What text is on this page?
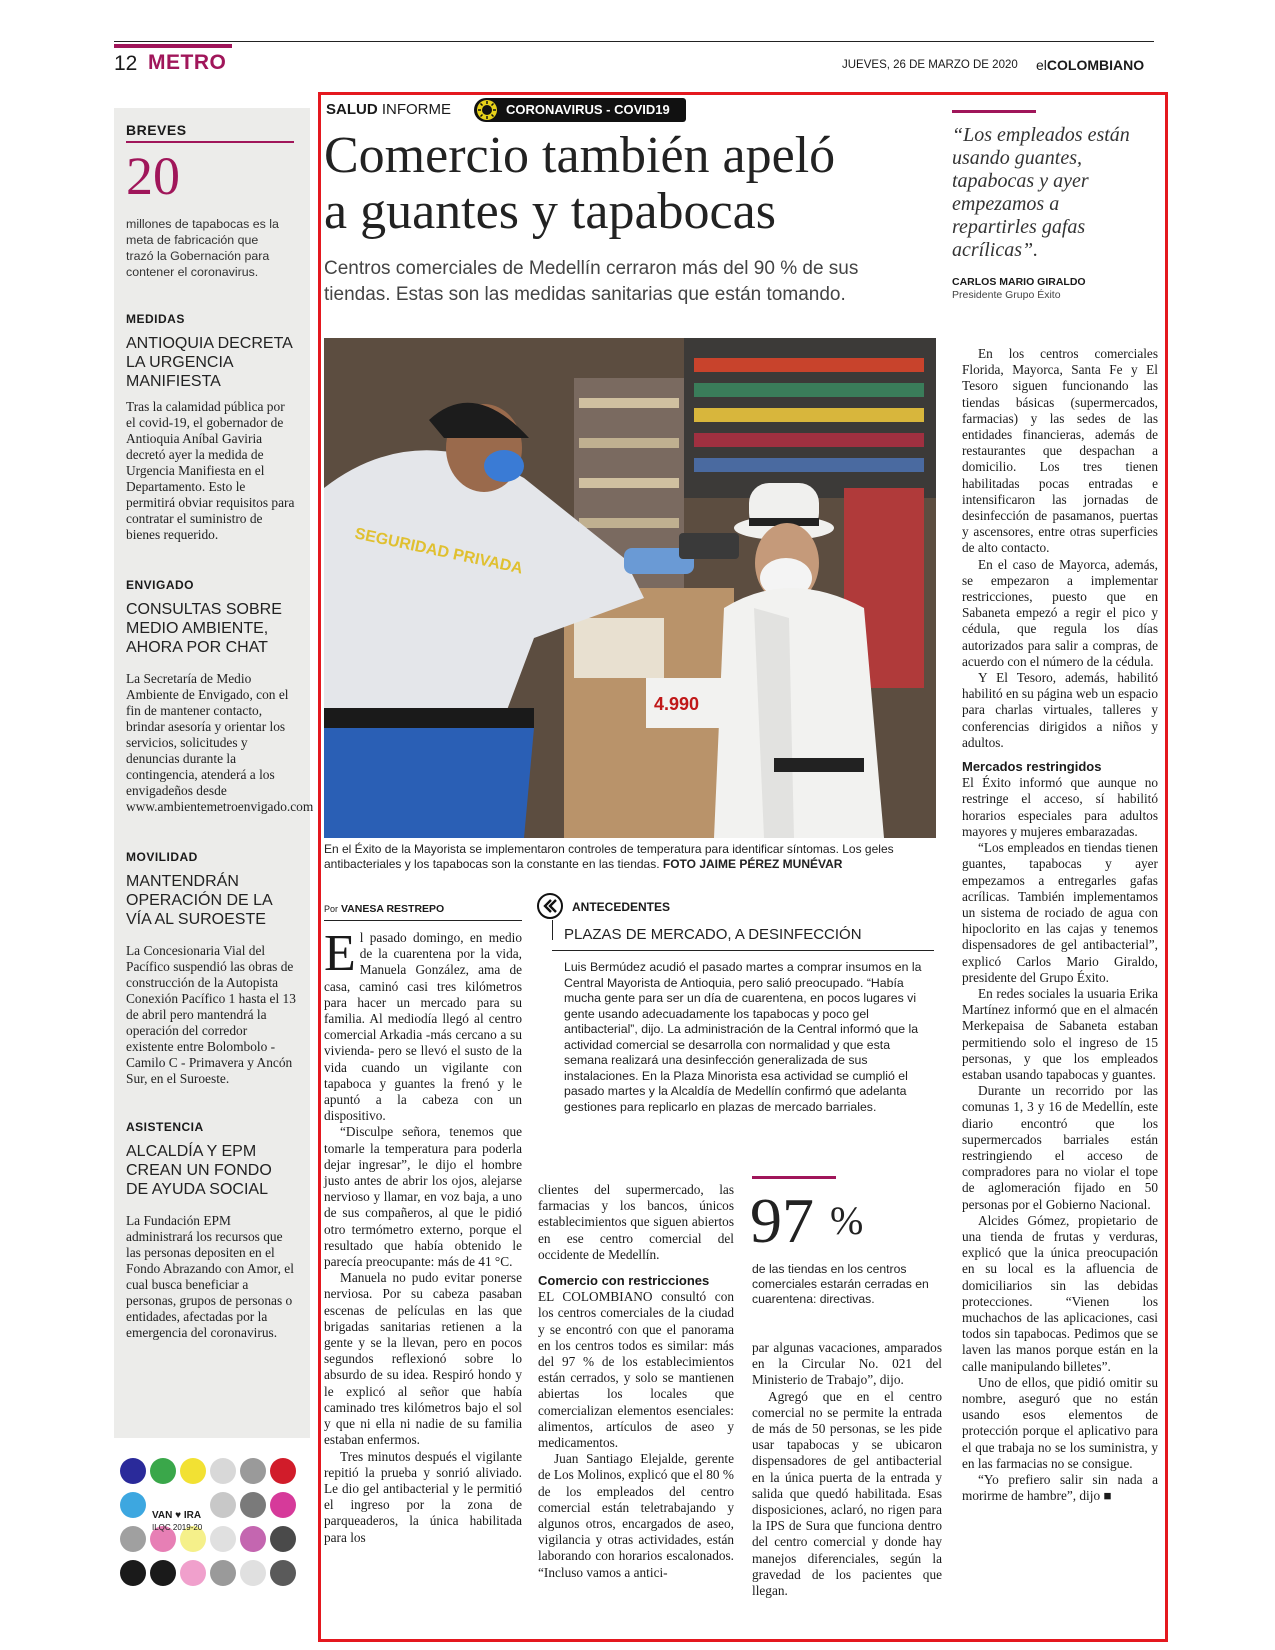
12 METRO	JUEVES, 26 DE MARZO DE 2020 elCOLOMBIANO
BREVES
20
millones de tapabocas es la meta de fabricación que trazó la Gobernación para contener el coronavirus.
MEDIDAS
ANTIOQUIA DECRETA LA URGENCIA MANIFIESTA
Tras la calamidad pública por el covid-19, el gobernador de Antioquia Aníbal Gaviria decretó ayer la medida de Urgencia Manifiesta en el Departamento. Esto le permitirá obviar requisitos para contratar el suministro de bienes requerido.
ENVIGADO
CONSULTAS SOBRE MEDIO AMBIENTE, AHORA POR CHAT
La Secretaría de Medio Ambiente de Envigado, con el fin de mantener contacto, brindar asesoría y orientar los servicios, solicitudes y denuncias durante la contingencia, atenderá a los envigadeños desde www.ambientemetroenvigado.com
MOVILIDAD
MANTENDRÁN OPERACIÓN DE LA VÍA AL SUROESTE
La Concesionaria Vial del Pacífico suspendió las obras de construcción de la Autopista Conexión Pacífico 1 hasta el 13 de abril pero mantendrá la operación del corredor existente entre Bolombolo - Camilo C - Primavera y Ancón Sur, en el Suroeste.
ASISTENCIA
ALCALDÍA Y EPM CREAN UN FONDO DE AYUDA SOCIAL
La Fundación EPM administrará los recursos que las personas depositen en el Fondo Abrazando con Amor, el cual busca beneficiar a personas, grupos de personas o entidades, afectadas por la emergencia del coronavirus.
VAN ♥ IRA
ILQC 2019-20
SALUD INFORME	CORONAVIRUS - COVID19
Comercio también apeló
a guantes y tapabocas
Centros comerciales de Medellín cerraron más del 90 % de sus tiendas. Estas son las medidas sanitarias que están tomando.
“Los empleados están usando guantes, tapabocas y ayer empezamos a repartirles gafas acrílicas”.
CARLOS MARIO GIRALDO
Presidente Grupo Éxito
SEGURIDAD PRIVADA
4.990
En el Éxito de la Mayorista se implementaron controles de temperatura para identificar síntomas. Los geles antibacteriales y los tapabocas son la constante en las tiendas. FOTO JAIME PÉREZ MUNÉVAR
Por VANESA RESTREPO

El pasado domingo, en medio de la cuarentena por la vida, Manuela González, ama de casa, caminó casi tres kilómetros para hacer un mercado para su familia. Al mediodía llegó al centro comercial Arkadia -más cercano a su vivienda- pero se llevó el susto de la vida cuando un vigilante con tapaboca y guantes la frenó y le apuntó a la cabeza con un dispositivo.

“Disculpe señora, tenemos que tomarle la temperatura para poderla dejar ingresar”, le dijo el hombre justo antes de abrir los ojos, alejarse nervioso y llamar, en voz baja, a uno de sus compañeros, al que le pidió otro termómetro externo, porque el resultado que había obtenido le parecía preocupante: más de 41 °C.

Manuela no pudo evitar ponerse nerviosa. Por su cabeza pasaban escenas de películas en las que brigadas sanitarias retienen a la gente y se la llevan, pero en pocos segundos reflexionó sobre lo absurdo de su idea. Respiró hondo y le explicó al señor que había caminado tres kilómetros bajo el sol y que ni ella ni nadie de su familia estaban enfermos.

Tres minutos después el vigilante repitió la prueba y sonrió aliviado. Le dio gel antibacterial y le permitió el ingreso por la zona de parqueaderos, la única habilitada para los

ANTECEDENTES
PLAZAS DE MERCADO, A DESINFECCIÓN
Luis Bermúdez acudió el pasado martes a comprar insumos en la Central Mayorista de Antioquia, pero salió preocupado. “Había mucha gente para ser un día de cuarentena, en pocos lugares vi gente usando adecuadamente los tapabocas y poco gel antibacterial”, dijo. La administración de la Central informó que la actividad comercial se desarrolla con normalidad y que esta semana realizará una desinfección generalizada de sus instalaciones. En la Plaza Minorista esa actividad se cumplió el pasado martes y la Alcaldía de Medellín confirmó que adelanta gestiones para replicarlo en plazas de mercado barriales.

clientes del supermercado, las farmacias y los bancos, únicos establecimientos que siguen abiertos en ese centro comercial del occidente de Medellín.

Comercio con restricciones

EL COLOMBIANO consultó con los centros comerciales de la ciudad y se encontró con que el panorama en los centros todos es similar: más del 97 % de los establecimientos están cerrados, y solo se mantienen abiertas los locales que comercializan elementos esenciales: alimentos, artículos de aseo y medicamentos.

Juan Santiago Elejalde, gerente de Los Molinos, explicó que el 80 % de los empleados del centro comercial están teletrabajando y algunos otros, encargados de aseo, vigilancia y otras actividades, están laborando con horarios escalonados. “Incluso vamos a antici-

97 %
de las tiendas en los centros comerciales estarán cerradas en cuarentena: directivas.

par algunas vacaciones, amparados en la Circular No. 021 del Ministerio de Trabajo”, dijo.

Agregó que en el centro comercial no se permite la entrada de más de 50 personas, se les pide usar tapabocas y se ubicaron dispensadores de gel antibacterial en la única puerta de la entrada y salida que quedó habilitada. Esas disposiciones, aclaró, no rigen para la IPS de Sura que funciona dentro del centro comercial y donde hay manejos diferenciales, según la gravedad de los pacientes que llegan.

En los centros comerciales Florida, Mayorca, Santa Fe y El Tesoro siguen funcionando las tiendas básicas (supermercados, farmacias) y las sedes de las entidades financieras, además de restaurantes que despachan a domicilio. Los tres tienen habilitadas pocas entradas e intensificaron las jornadas de desinfección de pasamanos, puertas y ascensores, entre otras superficies de alto contacto.

En el caso de Mayorca, además, se empezaron a implementar restricciones, puesto que en Sabaneta empezó a regir el pico y cédula, que regula los días autorizados para salir a compras, de acuerdo con el número de la cédula.

Y El Tesoro, además, habilitó habilitó en su página web un espacio para charlas virtuales, talleres y conferencias dirigidos a niños y adultos.

Mercados restringidos

El Éxito informó que aunque no restringe el acceso, sí habilitó horarios especiales para adultos mayores y mujeres embarazadas.

“Los empleados en tiendas tienen guantes, tapabocas y ayer empezamos a entregarles gafas acrílicas. También implementamos un sistema de rociado de agua con hipoclorito en las cajas y tenemos dispensadores de gel antibacterial”, explicó Carlos Mario Giraldo, presidente del Grupo Éxito.

En redes sociales la usuaria Erika Martínez informó que en el almacén Merkepaisa de Sabaneta estaban permitiendo solo el ingreso de 15 personas, y que los empleados estaban usando tapabocas y guantes.

Durante un recorrido por las comunas 1, 3 y 16 de Medellín, este diario encontró que los supermercados barriales están restringiendo el acceso de compradores para no violar el tope de aglomeración fijado en 50 personas por el Gobierno Nacional.

Alcides Gómez, propietario de una tienda de frutas y verduras, explicó que la única preocupación en su local es la afluencia de domiciliarios sin las debidas protecciones. “Vienen los muchachos de las aplicaciones, casi todos sin tapabocas. Pedimos que se laven las manos porque están en la calle manipulando billetes”.

Uno de ellos, que pidió omitir su nombre, aseguró que no están usando esos elementos de protección porque el aplicativo para el que trabaja no se los suministra, y en las farmacias no se consigue.

“Yo prefiero salir sin nada a morirme de hambre”, dijo ■
